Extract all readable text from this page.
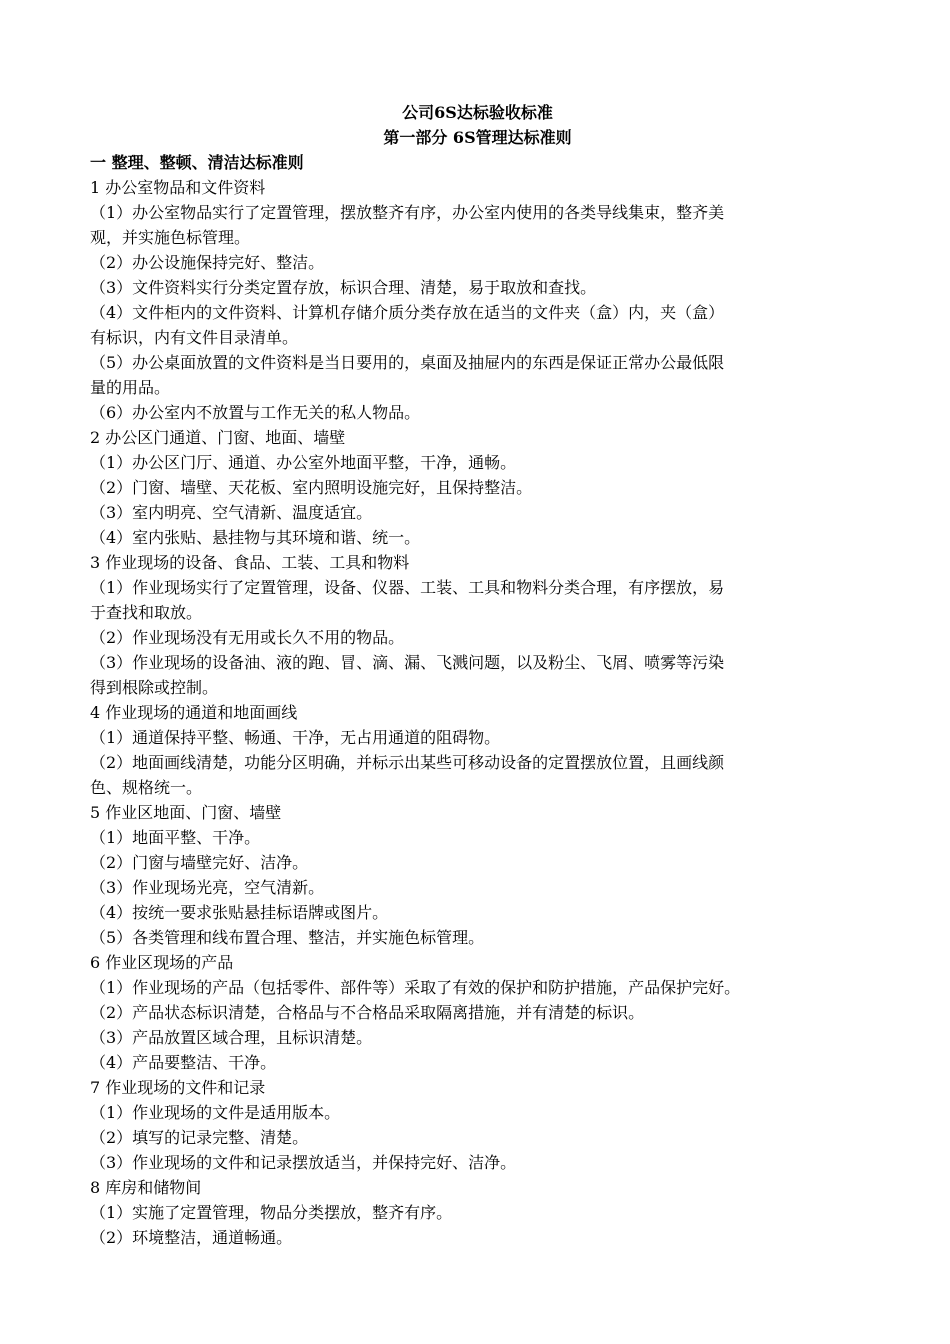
公司6S达标验收标准

第一部分 6S管理达标准则

一 整理、整顿、清洁达标准则

1 办公室物品和文件资料

（1）办公室物品实行了定置管理，摆放整齐有序，办公室内使用的各类导线集束，整齐美

观，并实施色标管理。

（2）办公设施保持完好、整洁。

（3）文件资料实行分类定置存放，标识合理、清楚，易于取放和查找。

（4）文件柜内的文件资料、计算机存储介质分类存放在适当的文件夹（盒）内，夹（盒）

有标识，内有文件目录清单。

（5）办公桌面放置的文件资料是当日要用的，桌面及抽屉内的东西是保证正常办公最低限

量的用品。

（6）办公室内不放置与工作无关的私人物品。

2 办公区门通道、门窗、地面、墙壁

（1）办公区门厅、通道、办公室外地面平整，干净，通畅。

（2）门窗、墙壁、天花板、室内照明设施完好，且保持整洁。

（3）室内明亮、空气清新、温度适宜。

（4）室内张贴、悬挂物与其环境和谐、统一。

3 作业现场的设备、食品、工装、工具和物料

（1）作业现场实行了定置管理，设备、仪器、工装、工具和物料分类合理，有序摆放，易

于查找和取放。

（2）作业现场没有无用或长久不用的物品。

（3）作业现场的设备油、液的跑、冒、滴、漏、飞溅问题，以及粉尘、飞屑、喷雾等污染

得到根除或控制。

4 作业现场的通道和地面画线

（1）通道保持平整、畅通、干净，无占用通道的阻碍物。

（2）地面画线清楚，功能分区明确，并标示出某些可移动设备的定置摆放位置，且画线颜

色、规格统一。

5 作业区地面、门窗、墙壁

（1）地面平整、干净。

（2）门窗与墙壁完好、洁净。

（3）作业现场光亮，空气清新。

（4）按统一要求张贴悬挂标语牌或图片。

（5）各类管理和线布置合理、整洁，并实施色标管理。

6 作业区现场的产品

（1）作业现场的产品（包括零件、部件等）采取了有效的保护和防护措施，产品保护完好。

（2）产品状态标识清楚，合格品与不合格品采取隔离措施，并有清楚的标识。

（3）产品放置区域合理，且标识清楚。

（4）产品要整洁、干净。

7 作业现场的文件和记录

（1）作业现场的文件是适用版本。

（2）填写的记录完整、清楚。

（3）作业现场的文件和记录摆放适当，并保持完好、洁净。

8 库房和储物间

（1）实施了定置管理，物品分类摆放，整齐有序。

（2）环境整洁，通道畅通。
